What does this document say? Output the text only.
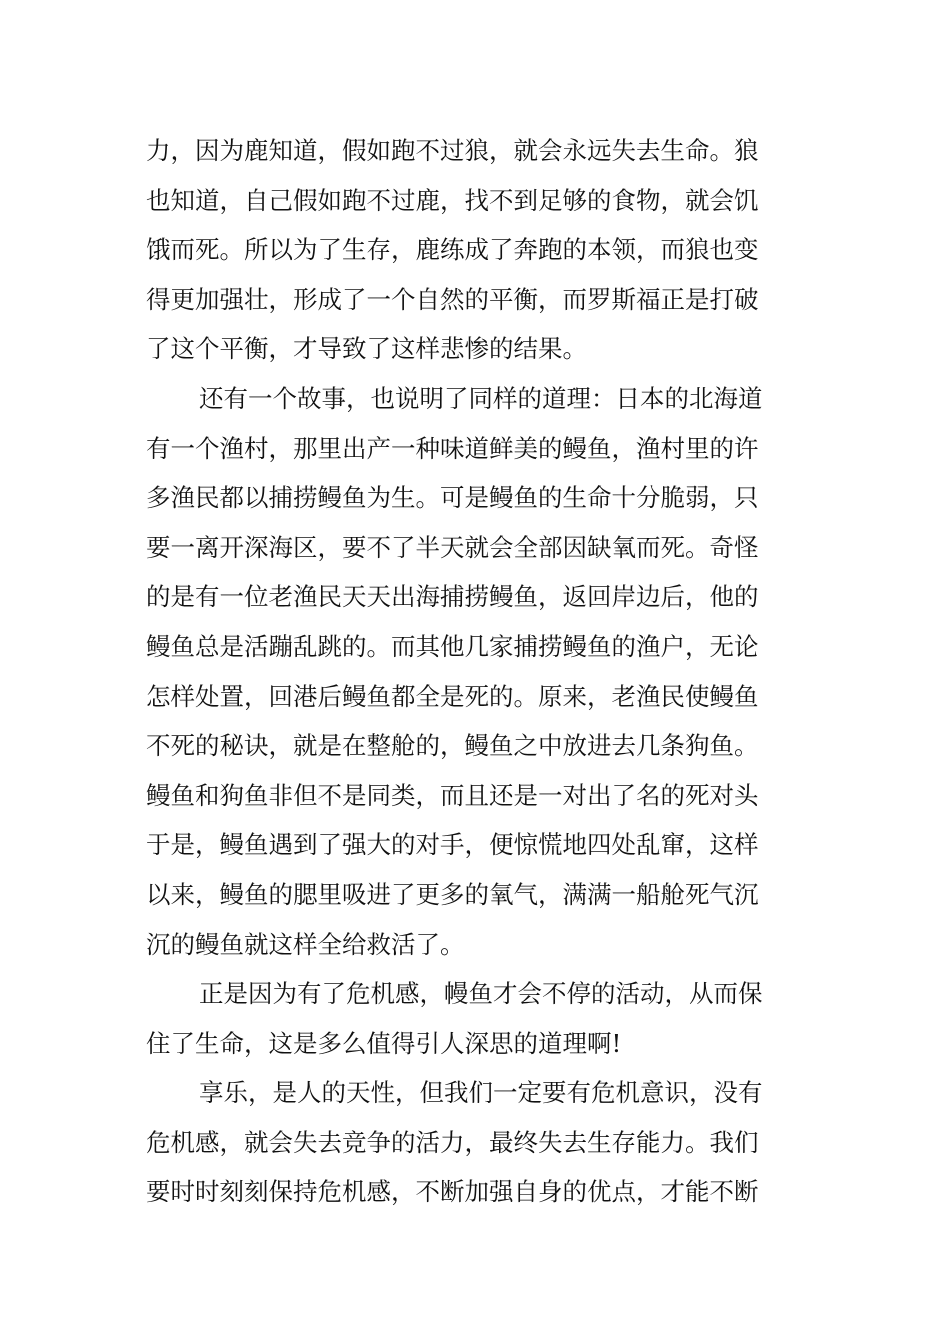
力，因为鹿知道，假如跑不过狼，就会永远失去生命。狼
也知道，自己假如跑不过鹿，找不到足够的食物，就会饥
饿而死。所以为了生存，鹿练成了奔跑的本领，而狼也变
得更加强壮，形成了一个自然的平衡，而罗斯福正是打破
了这个平衡，才导致了这样悲惨的结果。
还有一个故事，也说明了同样的道理：日本的北海道
有一个渔村，那里出产一种味道鲜美的鳗鱼，渔村里的许
多渔民都以捕捞鳗鱼为生。可是鳗鱼的生命十分脆弱，只
要一离开深海区，要不了半天就会全部因缺氧而死。奇怪
的是有一位老渔民天天出海捕捞鳗鱼，返回岸边后，他的
鳗鱼总是活蹦乱跳的。而其他几家捕捞鳗鱼的渔户，无论
怎样处置，回港后鳗鱼都全是死的。原来，老渔民使鳗鱼
不死的秘诀，就是在整舱的，鳗鱼之中放进去几条狗鱼。
鳗鱼和狗鱼非但不是同类，而且还是一对出了名的死对头
于是，鳗鱼遇到了强大的对手，便惊慌地四处乱窜，这样
以来，鳗鱼的腮里吸进了更多的氧气，满满一船舱死气沉
沉的鳗鱼就这样全给救活了。
正是因为有了危机感，幔鱼才会不停的活动，从而保
住了生命，这是多么值得引人深思的道理啊!
享乐，是人的天性，但我们一定要有危机意识，没有
危机感，就会失去竞争的活力，最终失去生存能力。我们
要时时刻刻保持危机感，不断加强自身的优点，才能不断
